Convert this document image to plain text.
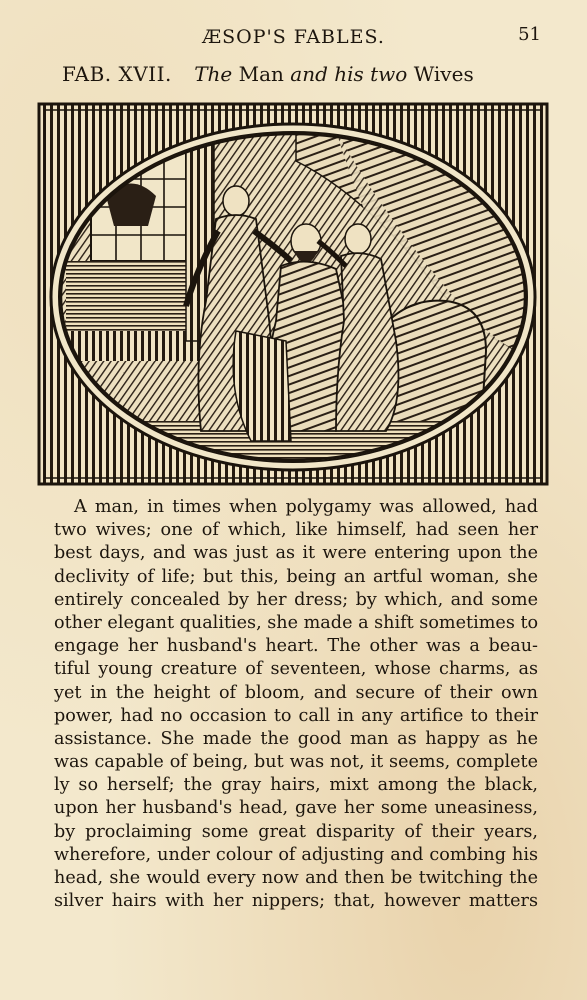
ÆSOP'S FABLES.	51
FAB. XVII. The Man and his two Wives
A man, in times when polygamy was allowed, had
two wives; one of which, like himself, had seen her
best days, and was just as it were entering upon the
declivity of life; but this, being an artful woman, she
entirely concealed by her dress; by which, and some
other elegant qualities, she made a shift sometimes to
engage her husband's heart. The other was a beau-
tiful young creature of seventeen, whose charms, as
yet in the height of bloom, and secure of their own
power, had no occasion to call in any artifice to their
assistance. She made the good man as happy as he
was capable of being, but was not, it seems, complete
ly so herself; the gray hairs, mixt among the black,
upon her husband's head, gave her some uneasiness,
by proclaiming some great disparity of their years,
wherefore, under colour of adjusting and combing his
head, she would every now and then be twitching the
silver hairs with her nippers; that, however matters
